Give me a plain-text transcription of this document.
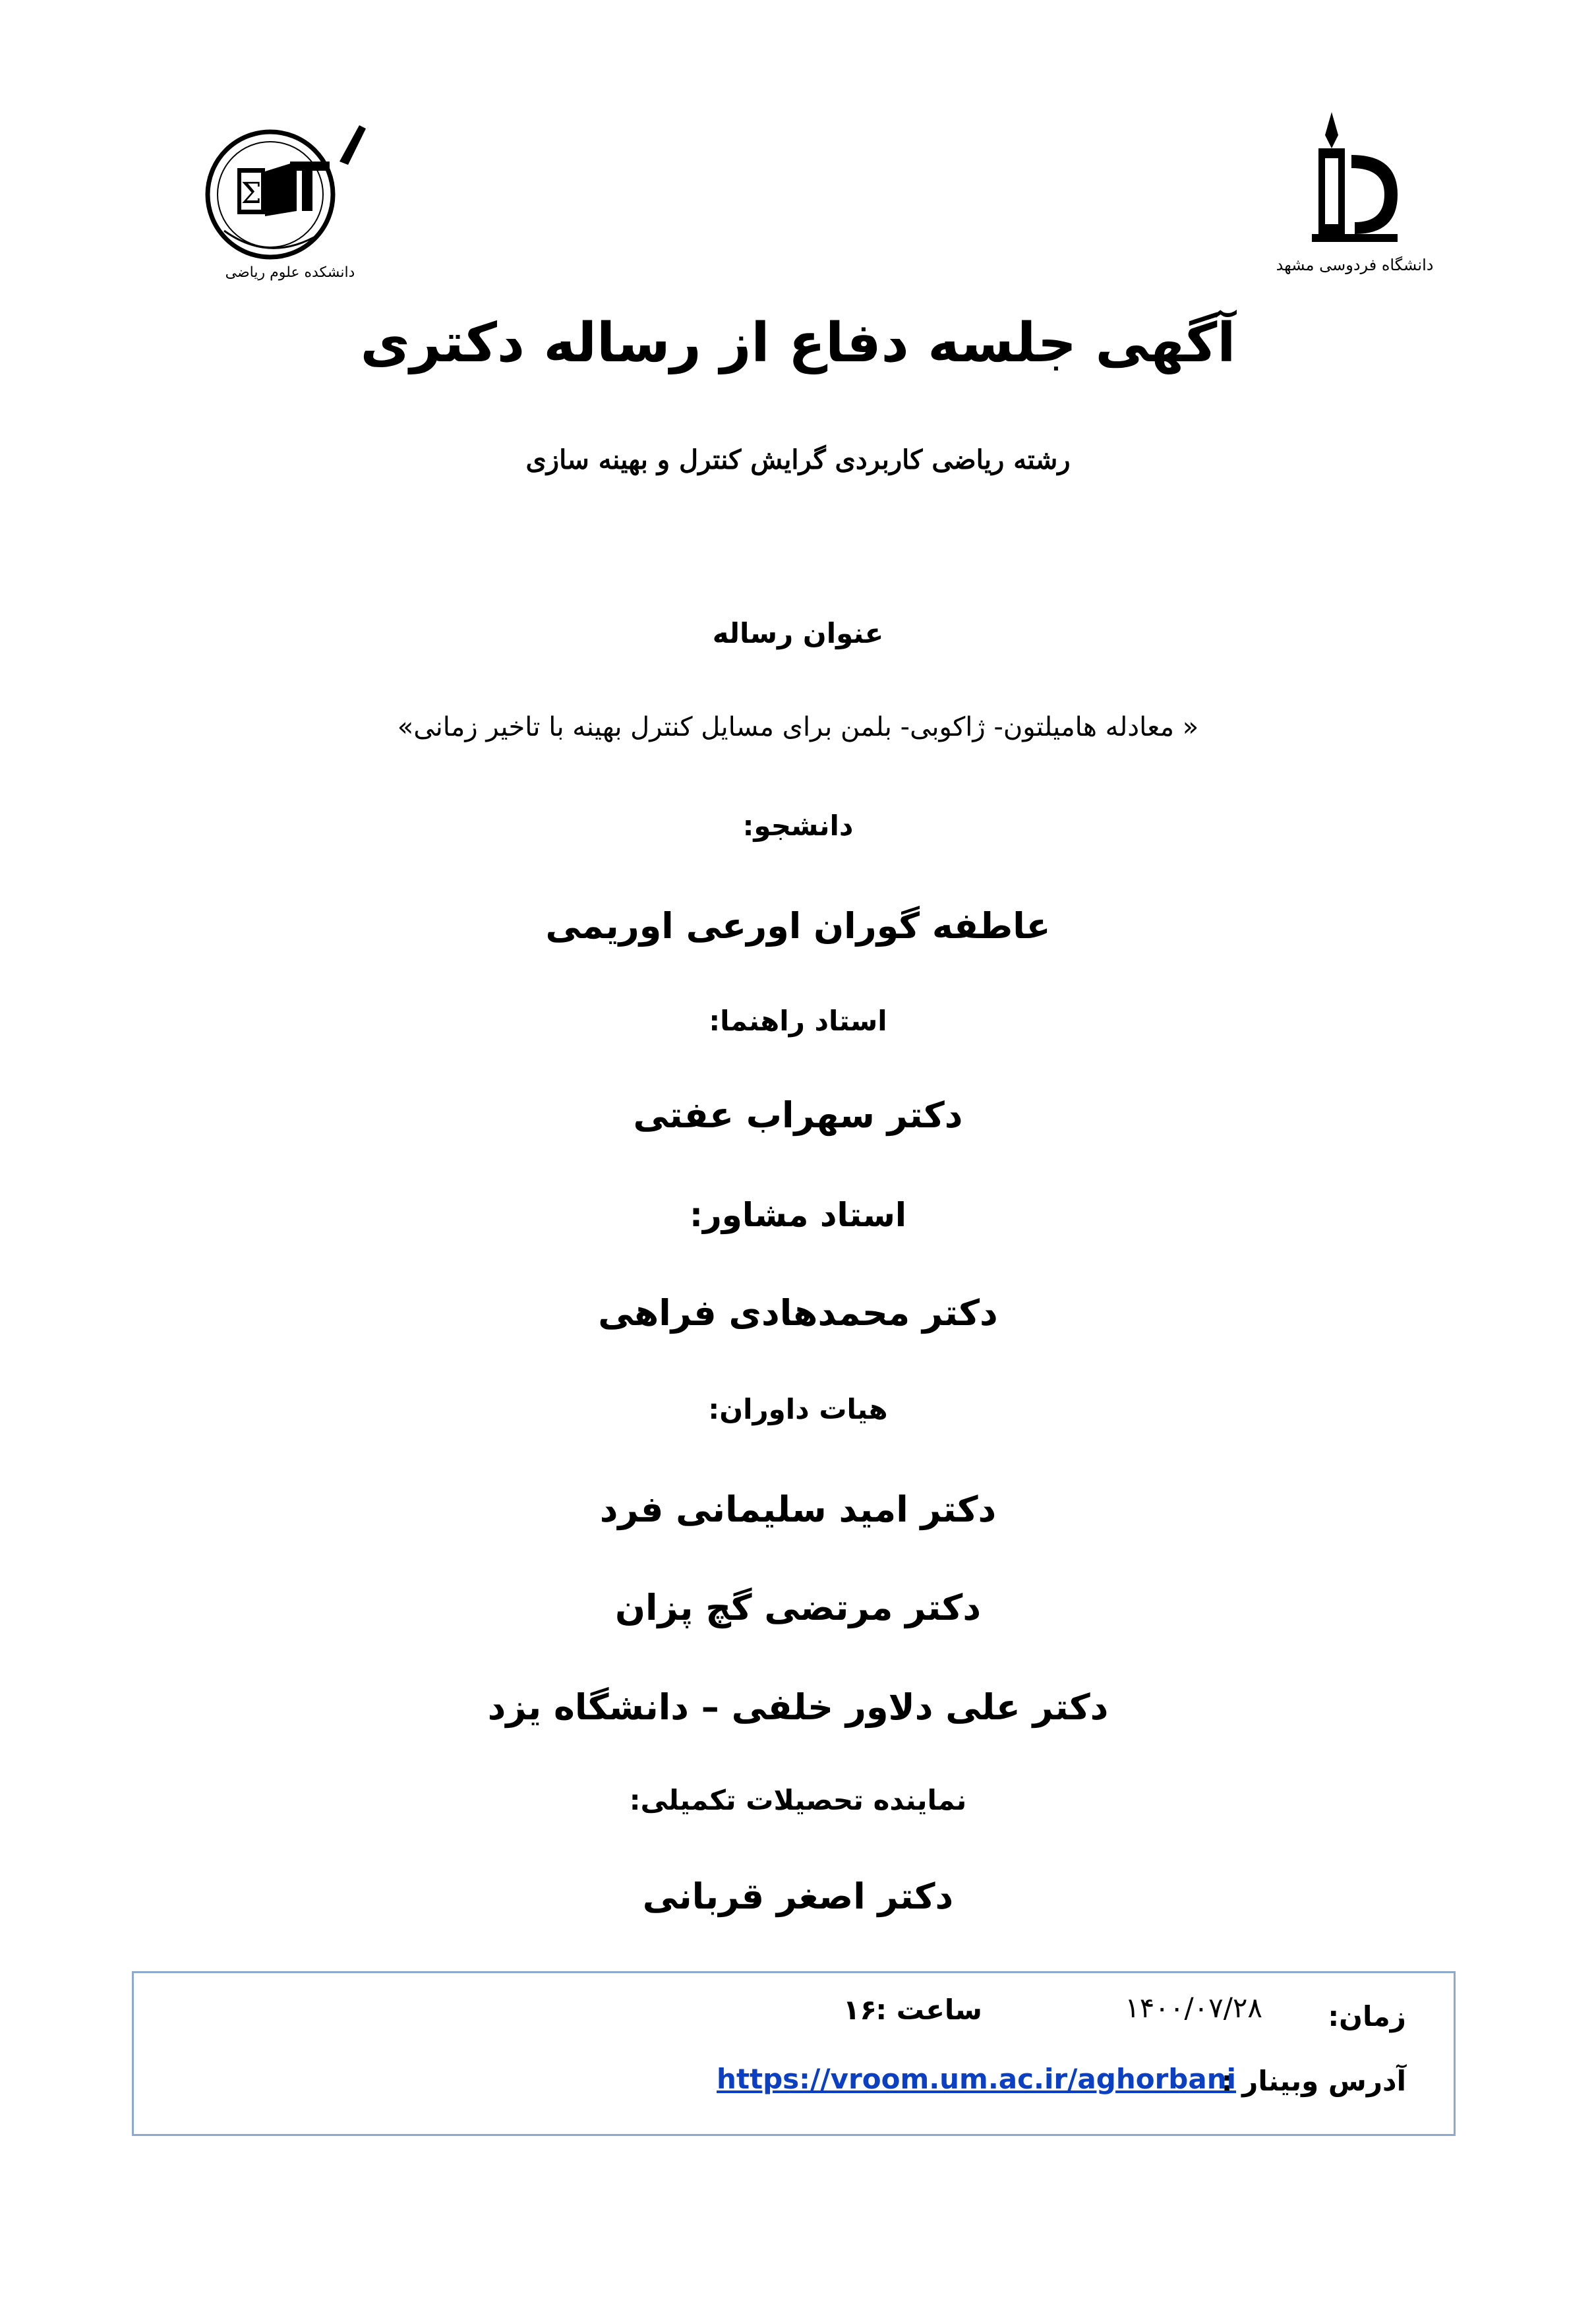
Σ
دانشکده علوم ریاضی	دانشگاه فردوسی مشهد
آگهی جلسه دفاع از رساله دکتری
رشته ریاضی کاربردی گرایش کنترل و بهینه سازی
عنوان رساله
« معادله هامیلتون- ژاکوبی- بلمن برای مسایل کنترل بهینه با تاخیر زمانی»
دانشجو:
عاطفه گوران اورعی اوریمی
استاد راهنما:
دکتر سهراب عفتی
استاد مشاور:
دکتر محمدهادی فراهی
هیات داوران:
دکتر امید سلیمانی فرد
دکتر مرتضی گچ پزان
دکتر علی دلاور خلفی – دانشگاه یزد
نماینده تحصیلات تکمیلی:
دکتر اصغر قربانی
زمان:
۱۴۰۰/۰۷/۲۸
ساعت :
۱۶
آدرس وبینار :
https://vroom.um.ac.ir/aghorbani
